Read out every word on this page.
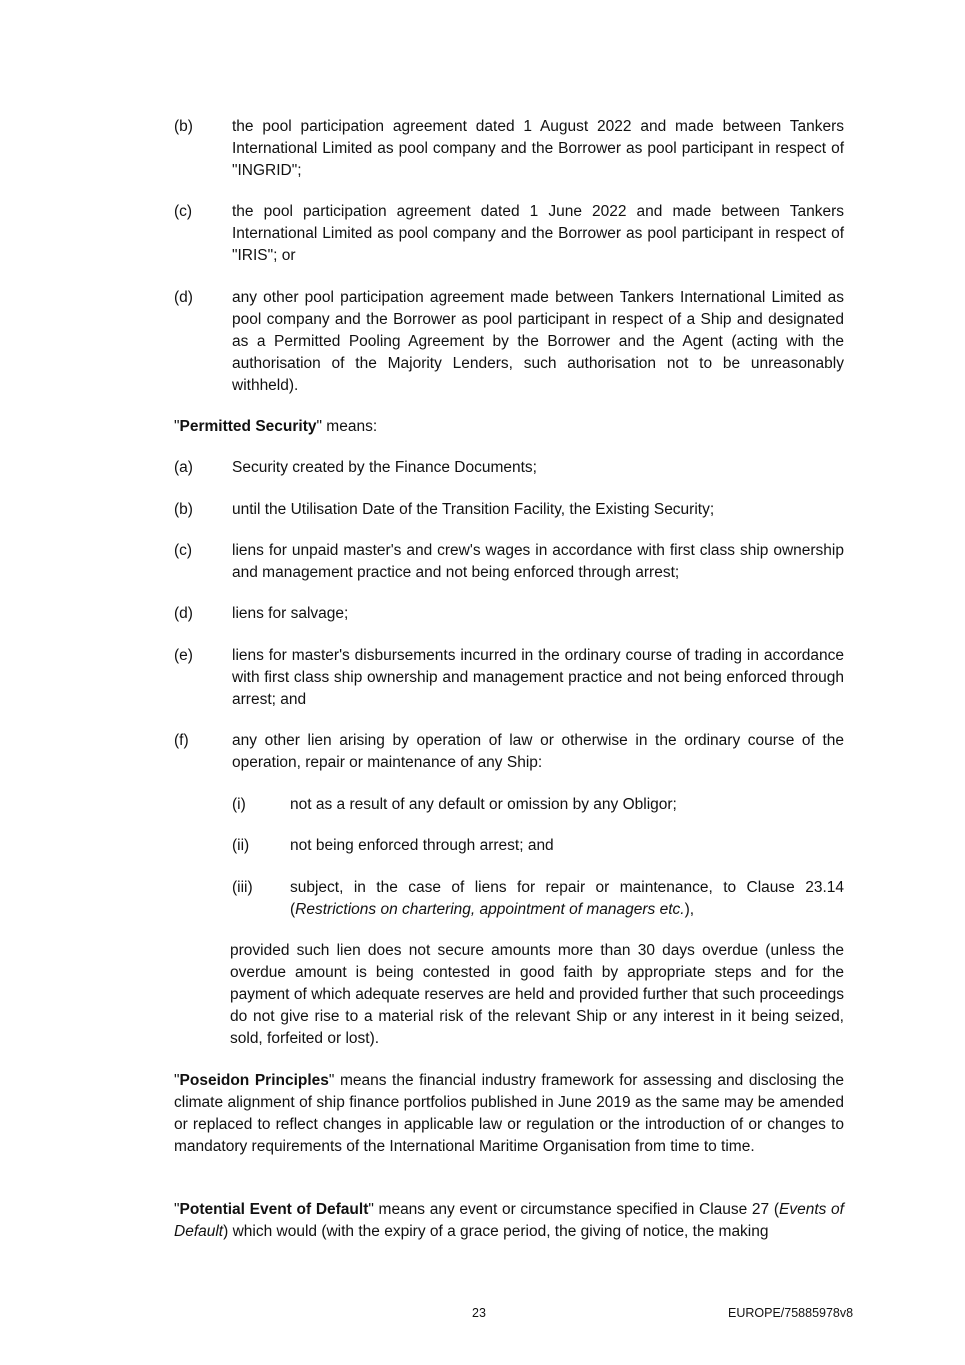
(b)	the pool participation agreement dated 1 August 2022 and made between Tankers International Limited as pool company and the Borrower as pool participant in respect of "INGRID";
(c)	the pool participation agreement dated 1 June 2022 and made between Tankers International Limited as pool company and the Borrower as pool participant in respect of "IRIS"; or
(d)	any other pool participation agreement made between Tankers International Limited as pool company and the Borrower as pool participant in respect of a Ship and designated as a Permitted Pooling Agreement by the Borrower and the Agent (acting with the authorisation of the Majority Lenders, such authorisation not to be unreasonably withheld).
"Permitted Security" means:
(a)	Security created by the Finance Documents;
(b)	until the Utilisation Date of the Transition Facility, the Existing Security;
(c)	liens for unpaid master's and crew's wages in accordance with first class ship ownership and management practice and not being enforced through arrest;
(d)	liens for salvage;
(e)	liens for master's disbursements incurred in the ordinary course of trading in accordance with first class ship ownership and management practice and not being enforced through arrest; and
(f)	any other lien arising by operation of law or otherwise in the ordinary course of the operation, repair or maintenance of any Ship:
(i)	not as a result of any default or omission by any Obligor;
(ii)	not being enforced through arrest; and
(iii) subject, in the case of liens for repair or maintenance, to Clause 23.14 (Restrictions on chartering, appointment of managers etc.),
provided such lien does not secure amounts more than 30 days overdue (unless the overdue amount is being contested in good faith by appropriate steps and for the payment of which adequate reserves are held and provided further that such proceedings do not give rise to a material risk of the relevant Ship or any interest in it being seized, sold, forfeited or lost).
"Poseidon Principles" means the financial industry framework for assessing and disclosing the climate alignment of ship finance portfolios published in June 2019 as the same may be amended or replaced to reflect changes in applicable law or regulation or the introduction of or changes to mandatory requirements of the International Maritime Organisation from time to time.
"Potential Event of Default" means any event or circumstance specified in Clause 27 (Events of Default) which would (with the expiry of a grace period, the giving of notice, the making
23	EUROPE/75885978v8
